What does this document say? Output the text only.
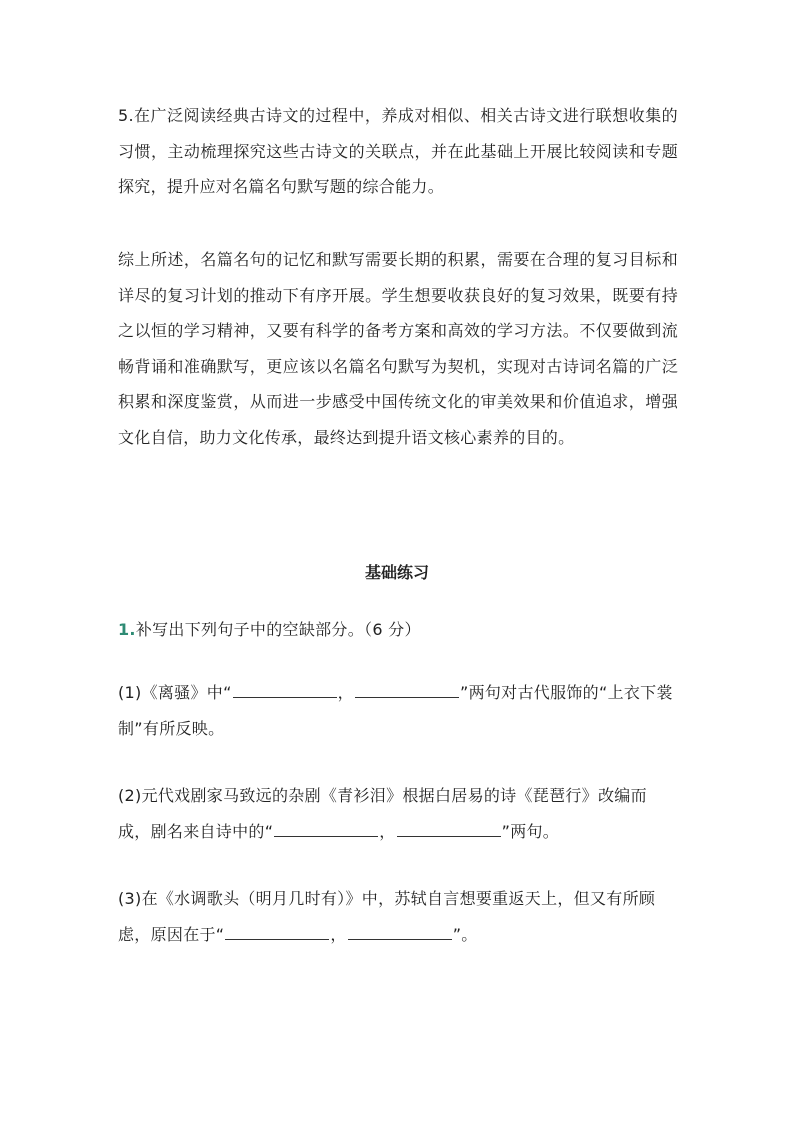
5.在广泛阅读经典古诗文的过程中，养成对相似、相关古诗文进行联想收集的习惯，主动梳理探究这些古诗文的关联点，并在此基础上开展比较阅读和专题探究，提升应对名篇名句默写题的综合能力。

综上所述，名篇名句的记忆和默写需要长期的积累，需要在合理的复习目标和详尽的复习计划的推动下有序开展。学生想要收获良好的复习效果，既要有持之以恒的学习精神，又要有科学的备考方案和高效的学习方法。不仅要做到流畅背诵和准确默写，更应该以名篇名句默写为契机，实现对古诗词名篇的广泛积累和深度鉴赏，从而进一步感受中国传统文化的审美效果和价值追求，增强文化自信，助力文化传承，最终达到提升语文核心素养的目的。

基础练习

1.补写出下列句子中的空缺部分。（6 分）

(1)《离骚》中“	，	”两句对古代服饰的“上衣下裳制”有所反映。

(2)元代戏剧家马致远的杂剧《青衫泪》根据白居易的诗《琵琶行》改编而成，剧名来自诗中的“	，	”两句。

(3)在《水调歌头（明月几时有）》中，苏轼自言想要重返天上，但又有所顾虑，原因在于“	，	”。
